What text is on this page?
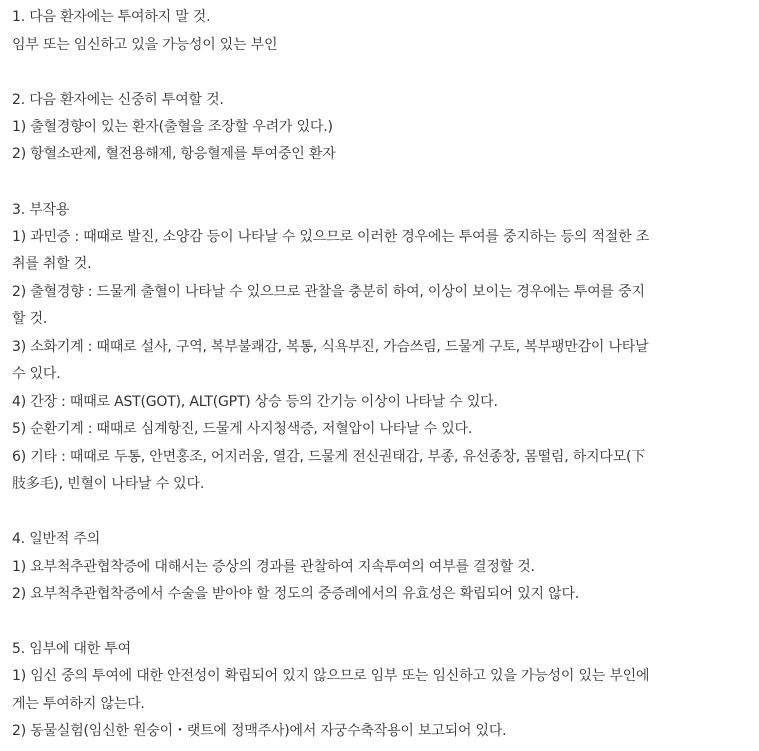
1. 다음 환자에는 투여하지 말 것.
임부 또는 임신하고 있을 가능성이 있는 부인
2. 다음 환자에는 신중히 투여할 것.
1) 출혈경향이 있는 환자(출혈을 조장할 우려가 있다.)
2) 항혈소판제, 혈전용해제, 항응혈제를 투여중인 환자
3. 부작용
1) 과민증 : 때때로 발진, 소양감 등이 나타날 수 있으므로 이러한 경우에는 투여를 중지하는 등의 적절한 조
취를 취할 것.
2) 출혈경향 : 드물게 출혈이 나타날 수 있으므로 관찰을 충분히 하여, 이상이 보이는 경우에는 투여를 중지
할 것.
3) 소화기계 : 때때로 설사, 구역, 복부불쾌감, 복통, 식욕부진, 가슴쓰림, 드물게 구토, 복부팽만감이 나타날
수 있다.
4) 간장 : 때때로 AST(GOT), ALT(GPT) 상승 등의 간기능 이상이 나타날 수 있다.
5) 순환기계 : 때때로 심계항진, 드물게 사지청색증, 저혈압이 나타날 수 있다.
6) 기타 : 때때로 두통, 안면홍조, 어지러움, 열감, 드물게 전신권태감, 부종, 유선종창, 몸떨림, 하지다모(下
肢多毛), 빈혈이 나타날 수 있다.
4. 일반적 주의
1) 요부척추관협착증에 대해서는 증상의 경과를 관찰하여 지속투여의 여부를 결정할 것.
2) 요부척추관협착증에서 수술을 받아야 할 정도의 중증례에서의 유효성은 확립되어 있지 않다.
5. 임부에 대한 투여
1) 임신 중의 투여에 대한 안전성이 확립되어 있지 않으므로 임부 또는 임신하고 있을 가능성이 있는 부인에
게는 투여하지 않는다.
2) 동물실험(임신한 원숭이・랫트에 정맥주사)에서 자궁수축작용이 보고되어 있다.
